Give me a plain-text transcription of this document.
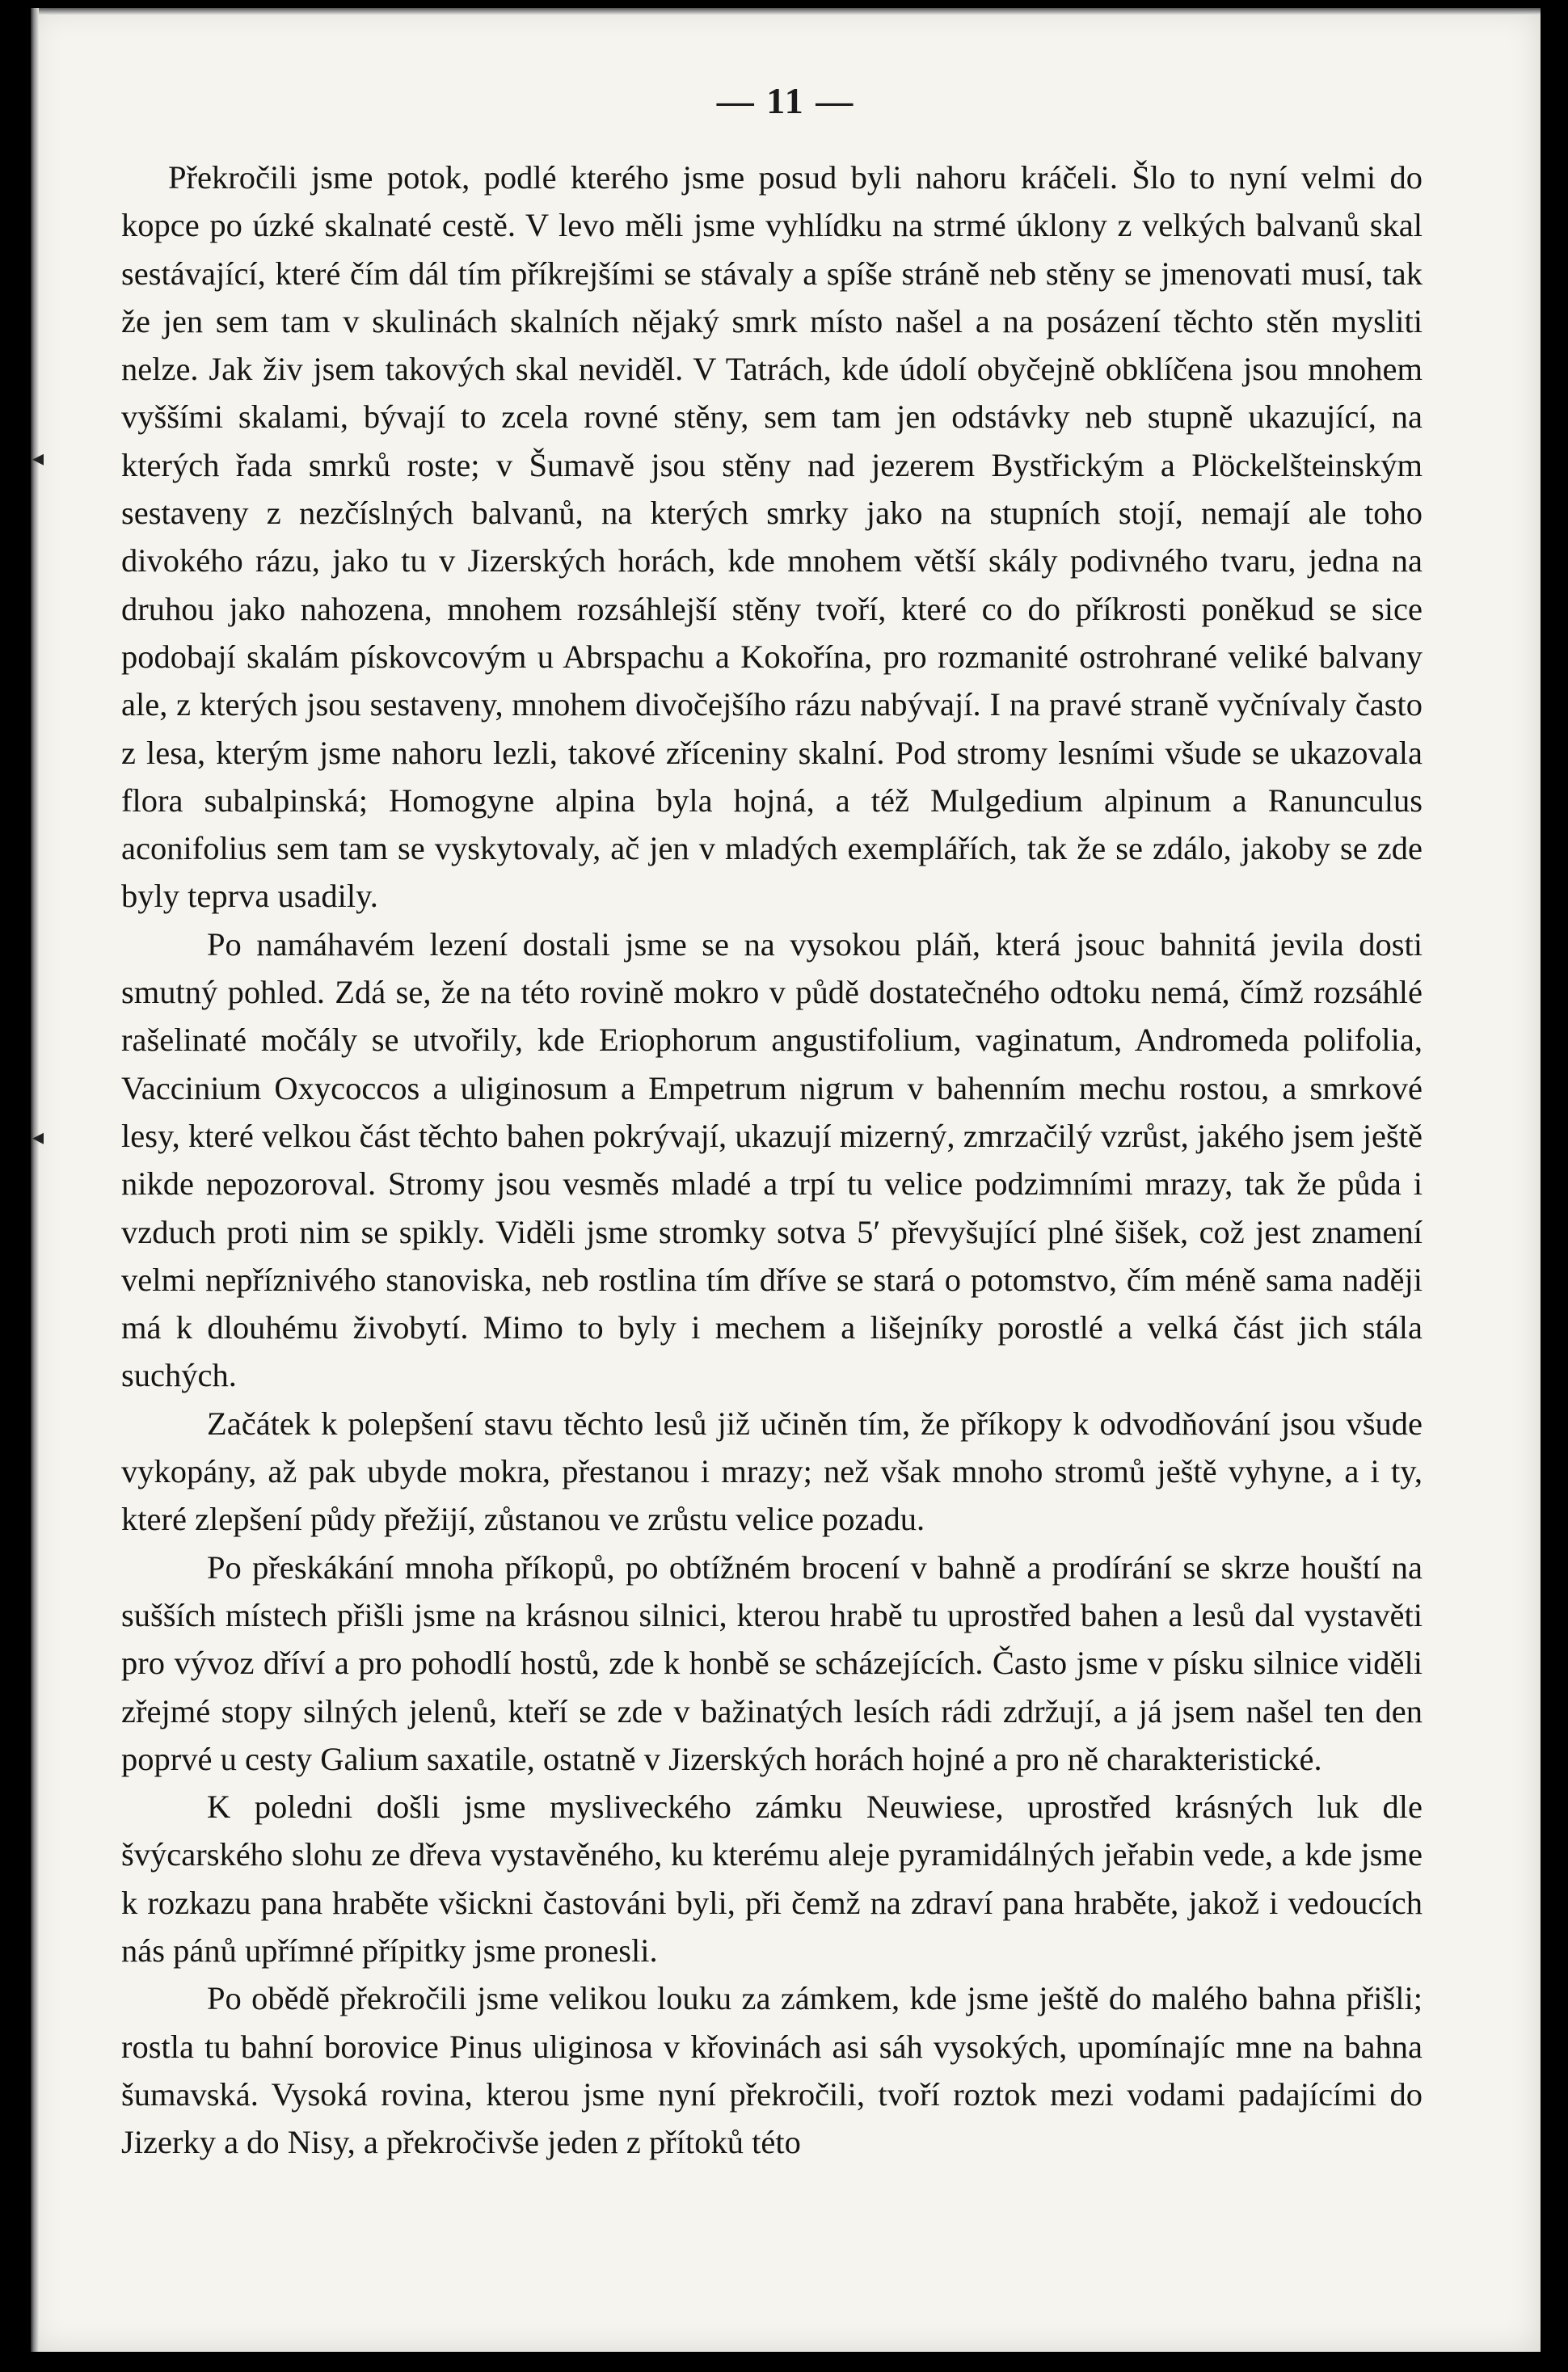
— 11 —

Překročili jsme potok, podlé kterého jsme posud byli nahoru kráčeli. Šlo to nyní velmi do kopce po úzké skalnaté cestě. V levo měli jsme vyhlídku na strmé úklony z velkých balvanů skal sestávající, které čím dál tím příkrejšími se stávaly a spíše stráně neb stěny se jmenovati musí, tak že jen sem tam v skulinách skalních nějaký smrk místo našel a na posázení těchto stěn mysliti nelze. Jak živ jsem takových skal neviděl. V Tatrách, kde údolí obyčejně obklíčena jsou mnohem vyššími skalami, bývají to zcela rovné stěny, sem tam jen odstávky neb stupně ukazující, na kterých řada smrků roste; v Šumavě jsou stěny nad jezerem Bystřickým a Plöckelšteinským sestaveny z nezčíslných balvanů, na kterých smrky jako na stupních stojí, nemají ale toho divokého rázu, jako tu v Jizerských horách, kde mnohem větší skály podivného tvaru, jedna na druhou jako nahozena, mnohem rozsáhlejší stěny tvoří, které co do příkrosti poněkud se sice podobají skalám pískovcovým u Abrspachu a Kokořína, pro rozmanité ostrohrané veliké balvany ale, z kterých jsou sestaveny, mnohem divočejšího rázu nabývají. I na pravé straně vyčnívaly často z lesa, kterým jsme nahoru lezli, takové zříceniny skalní. Pod stromy lesními všude se ukazovala flora subalpinská; Homogyne alpina byla hojná, a též Mulgedium alpinum a Ranunculus aconifolius sem tam se vyskytovaly, ač jen v mladých exemplářích, tak že se zdálo, jakoby se zde byly teprva usadily.

Po namáhavém lezení dostali jsme se na vysokou pláň, která jsouc bahnitá jevila dosti smutný pohled. Zdá se, že na této rovině mokro v půdě dostatečného odtoku nemá, čímž rozsáhlé rašelinaté močály se utvořily, kde Eriophorum angustifolium, vaginatum, Andromeda polifolia, Vaccinium Oxycoccos a uliginosum a Empetrum nigrum v bahenním mechu rostou, a smrkové lesy, které velkou část těchto bahen pokrývají, ukazují mizerný, zmrzačilý vzrůst, jakého jsem ještě nikde nepozoroval. Stromy jsou vesměs mladé a trpí tu velice podzimními mrazy, tak že půda i vzduch proti nim se spikly. Viděli jsme stromky sotva 5′ převyšující plné šišek, což jest znamení velmi nepříznivého stanoviska, neb rostlina tím dříve se stará o potomstvo, čím méně sama naději má k dlouhému živobytí. Mimo to byly i mechem a lišejníky porostlé a velká část jich stála suchých.

Začátek k polepšení stavu těchto lesů již učiněn tím, že příkopy k odvodňování jsou všude vykopány, až pak ubyde mokra, přestanou i mrazy; než však mnoho stromů ještě vyhyne, a i ty, které zlepšení půdy přežijí, zůstanou ve zrůstu velice pozadu.

Po přeskákání mnoha příkopů, po obtížném brocení v bahně a prodírání se skrze houští na sušších místech přišli jsme na krásnou silnici, kterou hrabě tu uprostřed bahen a lesů dal vystavěti pro vývoz dříví a pro pohodlí hostů, zde k honbě se scházejících. Často jsme v písku silnice viděli zřejmé stopy silných jelenů, kteří se zde v bažinatých lesích rádi zdržují, a já jsem našel ten den poprvé u cesty Galium saxatile, ostatně v Jizerských horách hojné a pro ně charakteristické.

K poledni došli jsme mysliveckého zámku Neuwiese, uprostřed krásných luk dle švýcarského slohu ze dřeva vystavěného, ku kterému aleje pyramidálných jeřabin vede, a kde jsme k rozkazu pana hraběte všickni častováni byli, při čemž na zdraví pana hraběte, jakož i vedoucích nás pánů upřímné přípitky jsme pronesli.

Po obědě překročili jsme velikou louku za zámkem, kde jsme ještě do malého bahna přišli; rostla tu bahní borovice Pinus uliginosa v křovinách asi sáh vysokých, upomínajíc mne na bahna šumavská. Vysoká rovina, kterou jsme nyní překročili, tvoří roztok mezi vodami padajícími do Jizerky a do Nisy, a překročivše jeden z přítoků této

◂
◂
